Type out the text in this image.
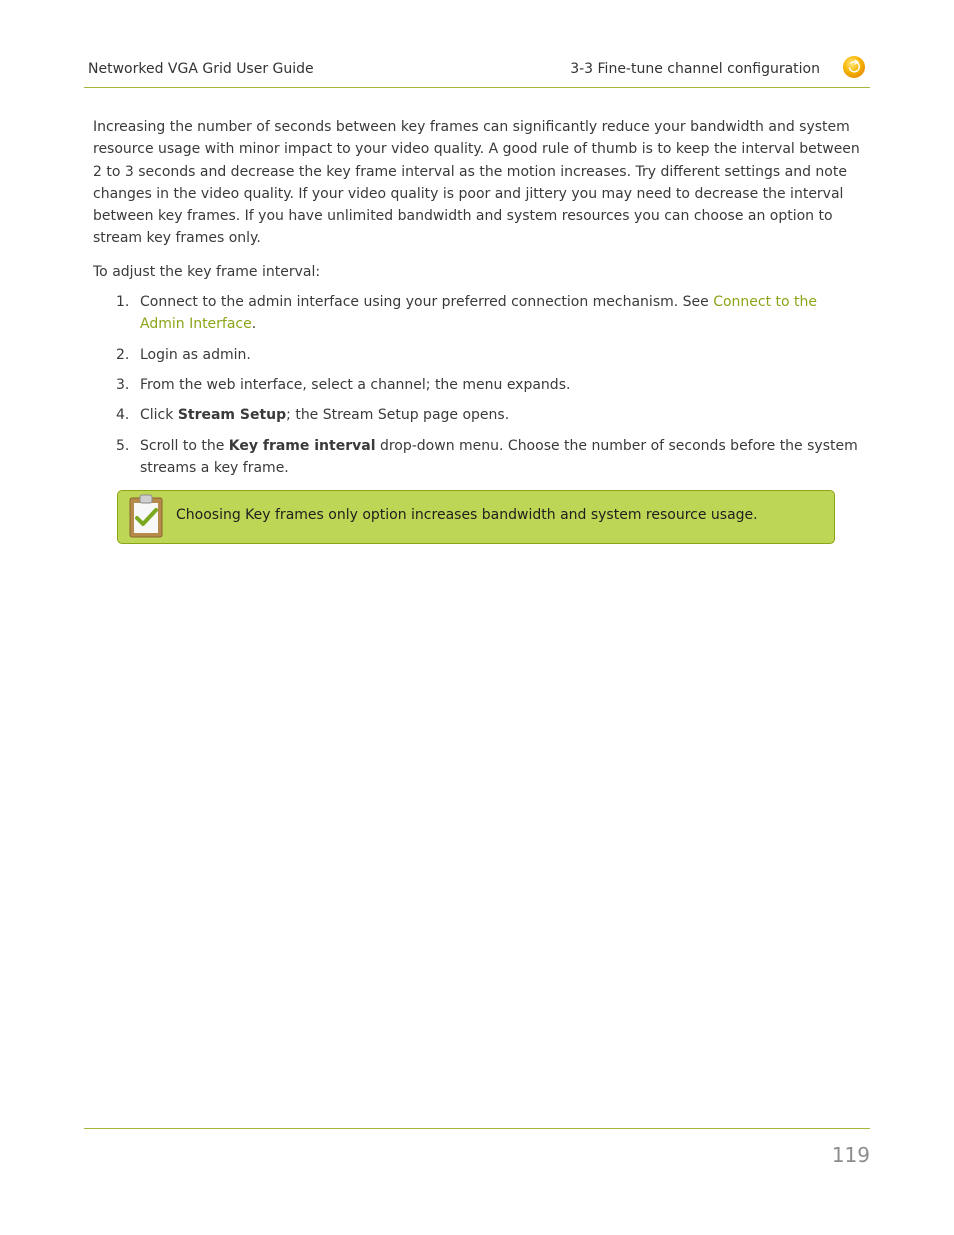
Networked VGA Grid User Guide	3-3 Fine-tune channel configuration

Increasing the number of seconds between key frames can significantly reduce your bandwidth and system resource usage with minor impact to your video quality. A good rule of thumb is to keep the interval between 2 to 3 seconds and decrease the key frame interval as the motion increases. Try different settings and note changes in the video quality. If your video quality is poor and jittery you may need to decrease the interval between key frames. If you have unlimited bandwidth and system resources you can choose an option to stream key frames only.

To adjust the key frame interval:

1. Connect to the admin interface using your preferred connection mechanism. See Connect to the Admin Interface.
2. Login as admin.
3. From the web interface, select a channel; the menu expands.
4. Click Stream Setup; the Stream Setup page opens.
5. Scroll to the Key frame interval drop-down menu. Choose the number of seconds before the system streams a key frame.
Choosing Key frames only option increases bandwidth and system resource usage.
119
